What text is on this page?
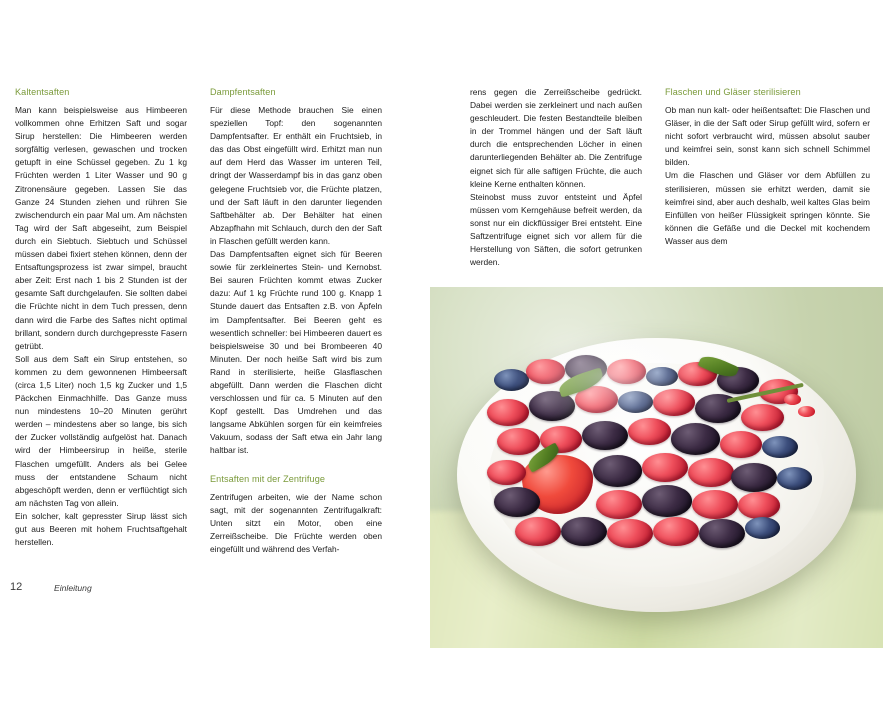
Kaltentsaften

Man kann beispielsweise aus Himbeeren vollkommen ohne Erhitzen Saft und sogar Sirup herstellen: Die Himbeeren werden sorgfältig verlesen, gewaschen und trocken getupft in eine Schüssel gegeben. Zu 1 kg Früchten werden 1 Liter Wasser und 90 g Zitronensäure gegeben. Lassen Sie das Ganze 24 Stunden ziehen und rühren Sie zwischendurch ein paar Mal um. Am nächsten Tag wird der Saft abgeseiht, zum Beispiel durch ein Siebtuch. Siebtuch und Schüssel müssen dabei fixiert stehen können, denn der Entsaftungsprozess ist zwar simpel, braucht aber Zeit: Erst nach 1 bis 2 Stunden ist der gesamte Saft durchgelaufen. Sie sollten dabei die Früchte nicht in dem Tuch pressen, denn dann wird die Farbe des Saftes nicht optimal brillant, sondern durch durchgepresste Fasern getrübt.

Soll aus dem Saft ein Sirup entstehen, so kommen zu dem gewonnenen Himbeersaft (circa 1,5 Liter) noch 1,5 kg Zucker und 1,5 Päckchen Einmachhilfe. Das Ganze muss nun mindestens 10–20 Minuten gerührt werden – mindestens aber so lange, bis sich der Zucker vollständig aufgelöst hat. Danach wird der Himbeersirup in heiße, sterile Flaschen umgefüllt. Anders als bei Gelee muss der entstandene Schaum nicht abgeschöpft werden, denn er verflüchtigt sich am nächsten Tag von allein.

Ein solcher, kalt gepresster Sirup lässt sich gut aus Beeren mit hohem Fruchtsaftgehalt herstellen.

Dampfentsaften

Für diese Methode brauchen Sie einen speziellen Topf: den sogenannten Dampfentsafter. Er enthält ein Fruchtsieb, in das das Obst eingefüllt wird. Erhitzt man nun auf dem Herd das Wasser im unteren Teil, dringt der Wasserdampf bis in das ganz oben gelegene Fruchtsieb vor, die Früchte platzen, und der Saft läuft in den darunter liegenden Saftbehälter ab. Der Behälter hat einen Abzapfhahn mit Schlauch, durch den der Saft in Flaschen gefüllt werden kann.

Das Dampfentsaften eignet sich für Beeren sowie für zerkleinertes Stein- und Kernobst. Bei sauren Früchten kommt etwas Zucker dazu: Auf 1 kg Früchte rund 100 g. Knapp 1 Stunde dauert das Entsaften z.B. von Äpfeln im Dampfentsafter. Bei Beeren geht es wesentlich schneller: bei Himbeeren dauert es beispielsweise 30 und bei Brombeeren 40 Minuten. Der noch heiße Saft wird bis zum Rand in sterilisierte, heiße Glasflaschen abgefüllt. Dann werden die Flaschen dicht verschlossen und für ca. 5 Minuten auf den Kopf gestellt. Das Umdrehen und das langsame Abkühlen sorgen für ein keimfreies Vakuum, sodass der Saft etwa ein Jahr lang haltbar ist.

Entsaften mit der Zentrifuge

Zentrifugen arbeiten, wie der Name schon sagt, mit der sogenannten Zentrifugalkraft: Unten sitzt ein Motor, oben eine Zerreißscheibe. Die Früchte werden oben eingefüllt und während des Verfah-

rens gegen die Zerreißscheibe gedrückt. Dabei werden sie zerkleinert und nach außen geschleudert. Die festen Bestandteile bleiben in der Trommel hängen und der Saft läuft durch die entsprechenden Löcher in einen darunterliegenden Behälter ab. Die Zentrifuge eignet sich für alle saftigen Früchte, die auch kleine Kerne enthalten können.

Steinobst muss zuvor entsteint und Äpfel müssen vom Kerngehäuse befreit werden, da sonst nur ein dickflüssiger Brei entsteht. Eine Saftzentrifuge eignet sich vor allem für die Herstellung von Säften, die sofort getrunken werden.

Flaschen und Gläser sterilisieren

Ob man nun kalt- oder heißentsaftet: Die Flaschen und Gläser, in die der Saft oder Sirup gefüllt wird, sofern er nicht sofort verbraucht wird, müssen absolut sauber und keimfrei sein, sonst kann sich schnell Schimmel bilden.

Um die Flaschen und Gläser vor dem Abfüllen zu sterilisieren, müssen sie erhitzt werden, damit sie keimfrei sind, aber auch deshalb, weil kaltes Glas beim Einfüllen von heißer Flüssigkeit springen könnte. Sie können die Gefäße und die Deckel mit kochendem Wasser aus dem

12	Einleitung
